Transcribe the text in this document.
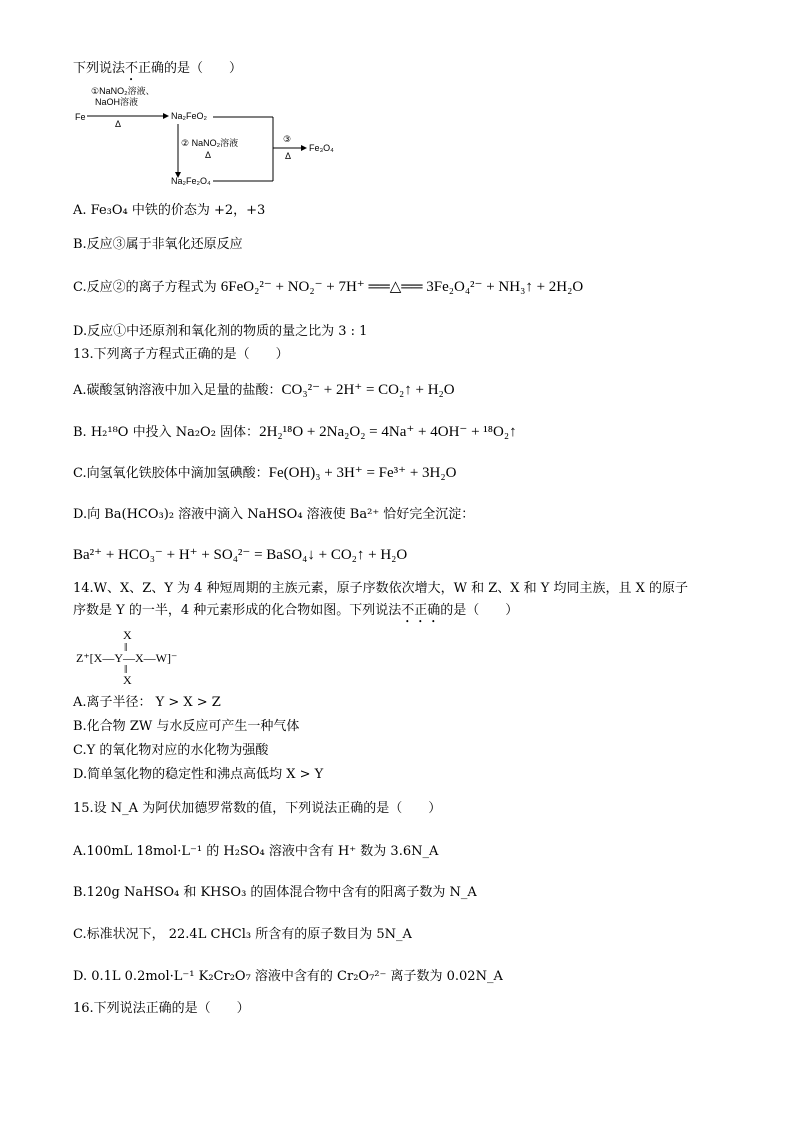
下列说法不正确的是（　　）
Fe
①NaNO₂溶液、
NaOH溶液
Δ
Na₂FeO₂
② NaNO₂溶液
Δ
Na₂Fe₂O₄
③
Δ
Fe₃O₄
A. Fe₃O₄ 中铁的价态为 +2，+3
B.反应③属于非氧化还原反应
C.反应②的离子方程式为 6FeO₂²⁻ + NO₂⁻ + 7H⁺ ══△══ 3Fe₂O₄²⁻ + NH₃↑ + 2H₂O
D.反应①中还原剂和氧化剂的物质的量之比为 3 : 1
13.下列离子方程式正确的是（　　）
A.碳酸氢钠溶液中加入足量的盐酸：CO₃²⁻ + 2H⁺ = CO₂↑ + H₂O
B. H₂¹⁸O 中投入 Na₂O₂ 固体：2H₂¹⁸O + 2Na₂O₂ = 4Na⁺ + 4OH⁻ + ¹⁸O₂↑
C.向氢氧化铁胶体中滴加氢碘酸：Fe(OH)₃ + 3H⁺ = Fe³⁺ + 3H₂O
D.向 Ba(HCO₃)₂ 溶液中滴入 NaHSO₄ 溶液使 Ba²⁺ 恰好完全沉淀：
Ba²⁺ + HCO₃⁻ + H⁺ + SO₄²⁻ = BaSO₄↓ + CO₂↑ + H₂O
14.W、X、Z、Y 为 4 种短周期的主族元素，原子序数依次增大，W 和 Z、X 和 Y 均同主族，且 X 的原子
序数是 Y 的一半，4 种元素形成的化合物如图。下列说法不正确的是（　　）
X
‖
Z⁺[X—Y—X—W]⁻
‖
X
A.离子半径： Y > X > Z
B.化合物 ZW 与水反应可产生一种气体
C.Y 的氧化物对应的水化物为强酸
D.简单氢化物的稳定性和沸点高低均 X > Y
15.设 N_A 为阿伏加德罗常数的值，下列说法正确的是（　　）
A.100mL 18mol·L⁻¹ 的 H₂SO₄ 溶液中含有 H⁺ 数为 3.6N_A
B.120g NaHSO₄ 和 KHSO₃ 的固体混合物中含有的阳离子数为 N_A
C.标准状况下， 22.4L CHCl₃ 所含有的原子数目为 5N_A
D. 0.1L 0.2mol·L⁻¹ K₂Cr₂O₇ 溶液中含有的 Cr₂O₇²⁻ 离子数为 0.02N_A
16.下列说法正确的是（　　）
